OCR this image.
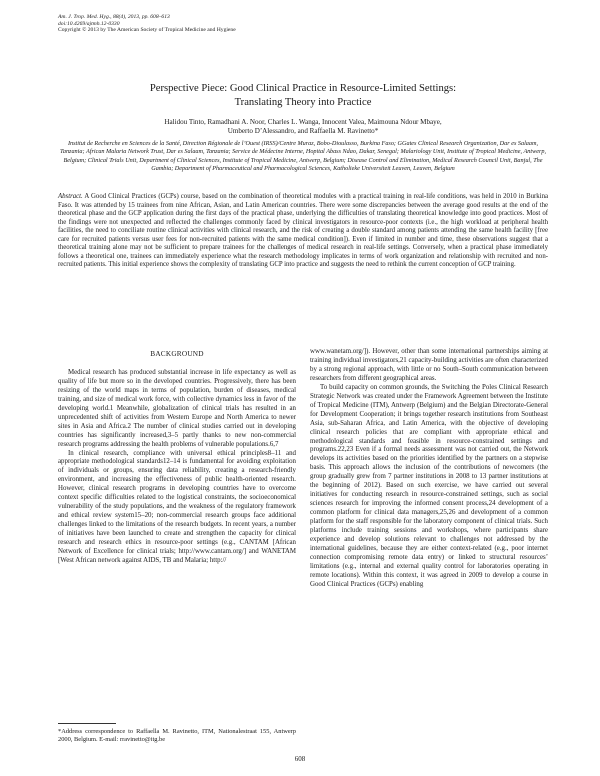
Am. J. Trop. Med. Hyg., 88(4), 2013, pp. 608–613
doi:10.4269/ajtmh.12-0330
Copyright © 2013 by The American Society of Tropical Medicine and Hygiene
Perspective Piece: Good Clinical Practice in Resource-Limited Settings:
Translating Theory into Practice
Halidou Tinto, Ramadhani A. Noor, Charles L. Wanga, Innocent Valea, Maimouna Ndour Mbaye,
Umberto D’Alessandro, and Raffaella M. Ravinetto*
Institut de Recherche en Sciences de la Santé, Direction Régionale de l’Ouest (IRSS)/Centre Muraz, Bobo-Dioulasso, Burkina Faso; GGates Clinical Research Organization, Dar es Salaam, Tanzania; African Malaria Network Trust, Dar es Salaam, Tanzania; Service de Médecine Interne, Hopital Abass Ndao, Dakar, Senegal; Malariology Unit, Institute of Tropical Medicine, Antwerp, Belgium; Clinical Trials Unit, Department of Clinical Sciences, Institute of Tropical Medicine, Antwerp, Belgium; Disease Control and Elimination, Medical Research Council Unit, Banjul, The Gambia; Department of Pharmaceutical and Pharmacological Sciences, Katholieke Universiteit Leuven, Leuven, Belgium
Abstract. A Good Clinical Practices (GCPs) course, based on the combination of theoretical modules with a practical training in real-life conditions, was held in 2010 in Burkina Faso. It was attended by 15 trainees from nine African, Asian, and Latin American countries. There were some discrepancies between the average good results at the end of the theoretical phase and the GCP application during the first days of the practical phase, underlying the difficulties of translating theoretical knowledge into good practices. Most of the findings were not unexpected and reflected the challenges commonly faced by clinical investigators in resource-poor contexts (i.e., the high workload at peripheral health facilities, the need to conciliate routine clinical activities with clinical research, and the risk of creating a double standard among patients attending the same health facility [free care for recruited patients versus user fees for non-recruited patients with the same medical condition]). Even if limited in number and time, these observations suggest that a theoretical training alone may not be sufficient to prepare trainees for the challenges of medical research in real-life settings. Conversely, when a practical phase immediately follows a theoretical one, trainees can immediately experience what the research methodology implicates in terms of work organization and relationship with recruited and non-recruited patients. This initial experience shows the complexity of translating GCP into practice and suggests the need to rethink the current conception of GCP training.
BACKGROUND

Medical research has produced substantial increase in life expectancy as well as quality of life but more so in the developed countries. Progressively, there has been resizing of the world maps in terms of population, burden of diseases, medical training, and size of medical work force, with collective dynamics less in favor of the developing world.1 Meanwhile, globalization of clinical trials has resulted in an unprecedented shift of activities from Western Europe and North America to newer sites in Asia and Africa.2 The number of clinical studies carried out in developing countries has significantly increased,3–5 partly thanks to new non-commercial research programs addressing the health problems of vulnerable populations.6,7

In clinical research, compliance with universal ethical principles8–11 and appropriate methodological standards12–14 is fundamental for avoiding exploitation of individuals or groups, ensuring data reliability, creating a research-friendly environment, and increasing the effectiveness of public health-oriented research. However, clinical research programs in developing countries have to overcome context specific difficulties related to the logistical constraints, the socioeconomical vulnerability of the study populations, and the weakness of the regulatory framework and ethical review system15–20; non-commercial research groups face additional challenges linked to the limitations of the research budgets. In recent years, a number of initiatives have been launched to create and strengthen the capacity for clinical research and research ethics in resource-poor settings (e.g., CANTAM [African Network of Excellence for clinical trials; http://www.cantam.org/] and WANETAM [West African network against AIDS, TB and Malaria; http://

www.wanetam.org/]). However, other than some international partnerships aiming at training individual investigators,21 capacity-building activities are often characterized by a strong regional approach, with little or no South–South communication between researchers from different geographical areas.

To build capacity on common grounds, the Switching the Poles Clinical Research Strategic Network was created under the Framework Agreement between the Institute of Tropical Medicine (ITM), Antwerp (Belgium) and the Belgian Directorate-General for Development Cooperation; it brings together research institutions from Southeast Asia, sub-Saharan Africa, and Latin America, with the objective of developing clinical research policies that are compliant with appropriate ethical and methodological standards and feasible in resource-constrained settings and programs.22,23 Even if a formal needs assessment was not carried out, the Network develops its activities based on the priorities identified by the partners on a stepwise basis. This approach allows the inclusion of the contributions of newcomers (the group gradually grew from 7 partner institutions in 2008 to 13 partner institutions at the beginning of 2012). Based on such exercise, we have carried out several initiatives for conducting research in resource-constrained settings, such as social sciences research for improving the informed consent process,24 development of a common platform for clinical data managers,25,26 and development of a common platform for the staff responsible for the laboratory component of clinical trials. Such platforms include training sessions and workshops, where participants share experience and develop solutions relevant to challenges not addressed by the international guidelines, because they are either context-related (e.g., poor internet connection compromising remote data entry) or linked to structural resources’ limitations (e.g., internal and external quality control for laboratories operating in remote locations). Within this context, it was agreed in 2009 to develop a course in Good Clinical Practices (GCPs) enabling

*Address correspondence to Raffaella M. Ravinetto, ITM, Nationalestraat 155, Antwerp 2000, Belgium. E-mail: rravinetto@itg.be
608
